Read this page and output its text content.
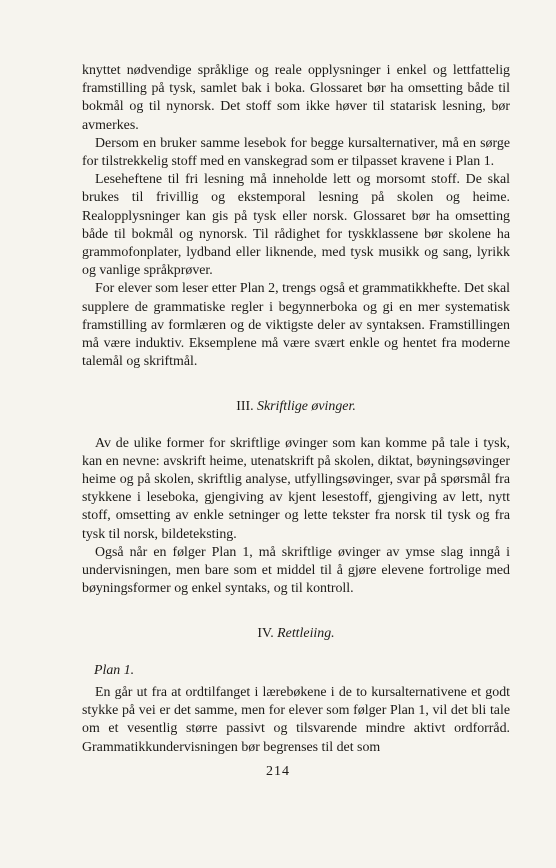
knyttet nødvendige språklige og reale opplysninger i enkel og lettfattelig framstilling på tysk, samlet bak i boka. Glossaret bør ha omsetting både til bokmål og til nynorsk. Det stoff som ikke høver til statarisk lesning, bør avmerkes.

Dersom en bruker samme lesebok for begge kursalternativer, må en sørge for tilstrekkelig stoff med en vanskegrad som er tilpasset kravene i Plan 1.

Leseheftene til fri lesning må inneholde lett og morsomt stoff. De skal brukes til frivillig og ekstemporal lesning på skolen og heime. Realopplysninger kan gis på tysk eller norsk. Glossaret bør ha omsetting både til bokmål og nynorsk. Til rådighet for tyskklassene bør skolene ha grammofonplater, lydband eller liknende, med tysk musikk og sang, lyrikk og vanlige språkprøver.

For elever som leser etter Plan 2, trengs også et grammatikkhefte. Det skal supplere de grammatiske regler i begynnerboka og gi en mer systematisk framstilling av formlæren og de viktigste deler av syntaksen. Framstillingen må være induktiv. Eksemplene må være svært enkle og hentet fra moderne talemål og skriftmål.

III. Skriftlige øvinger.

Av de ulike former for skriftlige øvinger som kan komme på tale i tysk, kan en nevne: avskrift heime, utenatskrift på skolen, diktat, bøyningsøvinger heime og på skolen, skriftlig analyse, utfyllingsøvinger, svar på spørsmål fra stykkene i leseboka, gjengiving av kjent lesestoff, gjengiving av lett, nytt stoff, omsetting av enkle setninger og lette tekster fra norsk til tysk og fra tysk til norsk, bildeteksting.

Også når en følger Plan 1, må skriftlige øvinger av ymse slag inngå i undervisningen, men bare som et middel til å gjøre elevene fortrolige med bøyningsformer og enkel syntaks, og til kontroll.

IV. Rettleiing.
Plan 1.

En går ut fra at ordtilfanget i lærebøkene i de to kursalternativene et godt stykke på vei er det samme, men for elever som følger Plan 1, vil det bli tale om et vesentlig større passivt og tilsvarende mindre aktivt ordforråd. Grammatikkundervisningen bør begrenses til det som

214
